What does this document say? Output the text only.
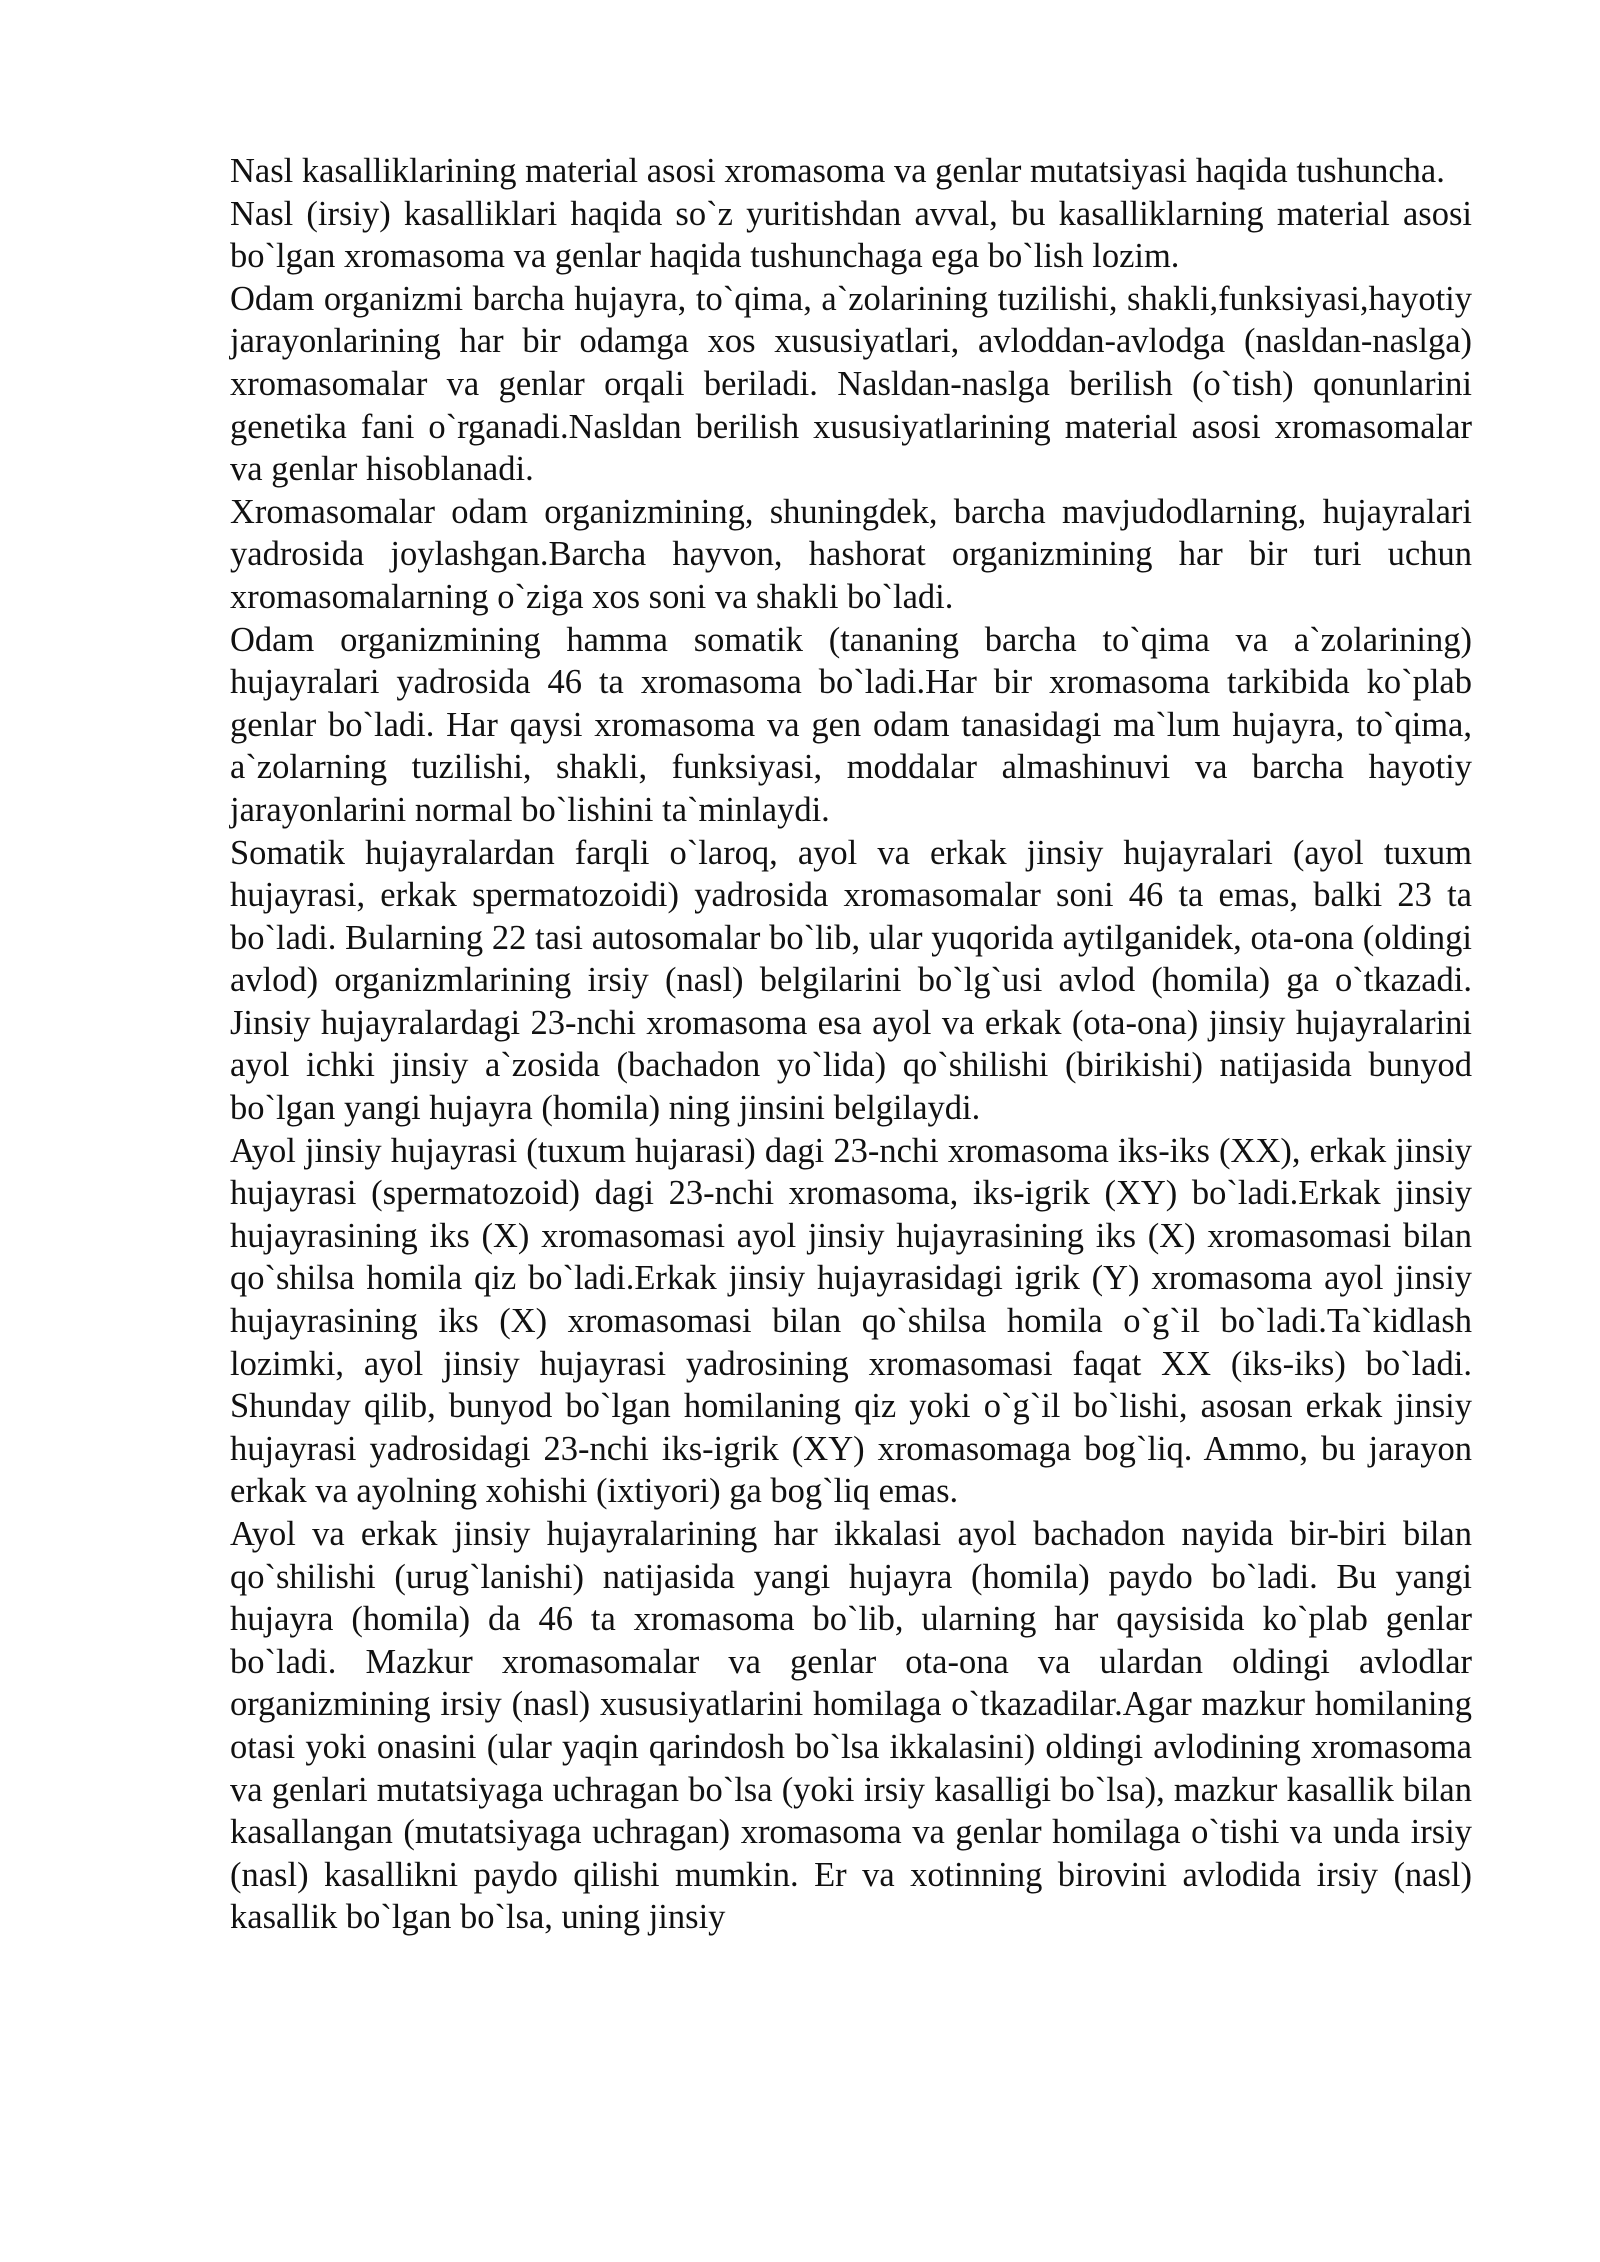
Nasl kasalliklarining material asosi xromasoma va genlar mutatsiyasi haqida tushuncha.

Nasl (irsiy) kasalliklari haqida so`z yuritishdan avval, bu kasalliklarning material asosi bo`lgan xromasoma va genlar haqida tushunchaga ega bo`lish lozim.

Odam organizmi barcha hujayra, to`qima, a`zolarining tuzilishi, shakli,funksiyasi,hayotiy jarayonlarining har bir odamga xos xususiyatlari, avloddan-avlodga (nasldan-naslga) xromasomalar va genlar orqali beriladi. Nasldan-naslga berilish (o`tish) qonunlarini genetika fani o`rganadi.Nasldan berilish xususiyatlarining material asosi xromasomalar va genlar hisoblanadi.

Xromasomalar odam organizmining, shuningdek, barcha mavjudodlarning, hujayralari yadrosida joylashgan.Barcha hayvon, hashorat organizmining har bir turi uchun xromasomalarning o`ziga xos soni va shakli bo`ladi.

Odam organizmining hamma somatik (tananing barcha to`qima va a`zolarining) hujayralari yadrosida 46 ta xromasoma bo`ladi.Har bir xromasoma tarkibida ko`plab genlar bo`ladi. Har qaysi xromasoma va gen odam tanasidagi ma`lum hujayra, to`qima, a`zolarning tuzilishi, shakli, funksiyasi, moddalar almashinuvi va barcha hayotiy jarayonlarini normal bo`lishini ta`minlaydi.

Somatik hujayralardan farqli o`laroq, ayol va erkak jinsiy hujayralari (ayol tuxum hujayrasi, erkak spermatozoidi) yadrosida xromasomalar soni 46 ta emas, balki 23 ta bo`ladi. Bularning 22 tasi autosomalar bo`lib, ular yuqorida aytilganidek, ota-ona (oldingi avlod) organizmlarining irsiy (nasl) belgilarini bo`lg`usi avlod (homila) ga o`tkazadi. Jinsiy hujayralardagi 23-nchi xromasoma esa ayol va erkak (ota-ona) jinsiy hujayralarini ayol ichki jinsiy a`zosida (bachadon yo`lida) qo`shilishi (birikishi) natijasida bunyod bo`lgan yangi hujayra (homila) ning jinsini belgilaydi.

Ayol jinsiy hujayrasi (tuxum hujarasi) dagi 23-nchi xromasoma iks-iks (XX), erkak jinsiy hujayrasi (spermatozoid) dagi 23-nchi xromasoma, iks-igrik (XY) bo`ladi.Erkak jinsiy hujayrasining iks (X) xromasomasi ayol jinsiy hujayrasining iks (X) xromasomasi bilan qo`shilsa homila qiz bo`ladi.Erkak jinsiy hujayrasidagi igrik (Y) xromasoma ayol jinsiy hujayrasining iks (X) xromasomasi bilan qo`shilsa homila o`g`il bo`ladi.Ta`kidlash lozimki, ayol jinsiy hujayrasi yadrosining xromasomasi faqat XX (iks-iks) bo`ladi. Shunday qilib, bunyod bo`lgan homilaning qiz yoki o`g`il bo`lishi, asosan erkak jinsiy hujayrasi yadrosidagi 23-nchi iks-igrik (XY) xromasomaga bog`liq. Ammo, bu jarayon erkak va ayolning xohishi (ixtiyori) ga bog`liq emas.

Ayol va erkak jinsiy hujayralarining har ikkalasi ayol bachadon nayida bir-biri bilan qo`shilishi (urug`lanishi) natijasida yangi hujayra (homila) paydo bo`ladi. Bu yangi hujayra (homila) da 46 ta xromasoma bo`lib, ularning har qaysisida ko`plab genlar bo`ladi. Mazkur xromasomalar va genlar ota-ona va ulardan oldingi avlodlar organizmining irsiy (nasl) xususiyatlarini homilaga o`tkazadilar.Agar mazkur homilaning otasi yoki onasini (ular yaqin qarindosh bo`lsa ikkalasini) oldingi avlodining xromasoma va genlari mutatsiyaga uchragan bo`lsa (yoki irsiy kasalligi bo`lsa), mazkur kasallik bilan kasallangan (mutatsiyaga uchragan) xromasoma va genlar homilaga o`tishi va unda irsiy (nasl) kasallikni paydo qilishi mumkin. Er va xotinning birovini avlodida irsiy (nasl) kasallik bo`lgan bo`lsa, uning jinsiy
